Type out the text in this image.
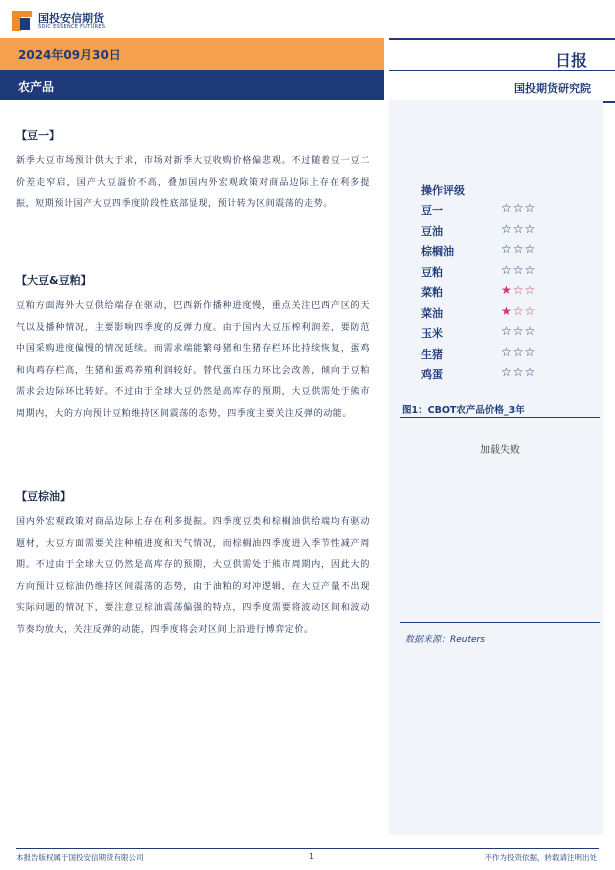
国投安信期货
SDIC ESSENCE FUTURES
2024年09月30日
农产品
日报
国投期货研究院

【豆一】

新季大豆市场预计供大于求，市场对新季大豆收购价格偏悲观。不过随着豆一豆二价差走窄启，国产大豆溢价不高，叠加国内外宏观政策对商品边际上存在利多提振，短期预计国产大豆四季度阶段性底部显现，预计转为区间震荡的走势。

【大豆&豆粕】

豆粕方面海外大豆供给端存在驱动，巴西新作播种进度慢，重点关注巴西产区的天气以及播种情况，主要影响四季度的反弹力度。由于国内大豆压榨利润差，要防范中国采购进度偏慢的情况延续。而需求端能繁母猪和生猪存栏环比持续恢复，蛋鸡和肉鸡存栏高，生猪和蛋鸡养殖利润较好。替代蛋白压力环比会改善，倾向于豆粕需求会边际环比转好。不过由于全球大豆仍然是高库存的预期，大豆供需处于熊市周期内，大的方向预计豆粕维持区间震荡的态势，四季度主要关注反弹的动能。

【豆棕油】

国内外宏观政策对商品边际上存在利多提振。四季度豆类和棕榈油供给端均有驱动题材，大豆方面需要关注种植进度和天气情况，而棕榈油四季度进入季节性减产周期。不过由于全球大豆仍然是高库存的预期，大豆供需处于熊市周期内，因此大的方向预计豆棕油仍维持区间震荡的态势，由于油粕的对冲逻辑，在大豆产量不出现实际问题的情况下，要注意豆棕油震荡偏强的特点，四季度需要将波动区间和波动节奏均放大，关注反弹的动能，四季度将会对区间上沿进行博弈定价。

操作评级
豆一	☆☆☆
豆油	☆☆☆
棕榈油	☆☆☆
豆粕	☆☆☆
菜粕	★☆☆
菜油	★☆☆
玉米	☆☆☆
生猪	☆☆☆
鸡蛋	☆☆☆
图1：CBOT农产品价格_3年
加载失败
数据来源：Reuters
本报告版权属于国投安信期货有限公司	1	不作为投资依据，转载请注明出处
